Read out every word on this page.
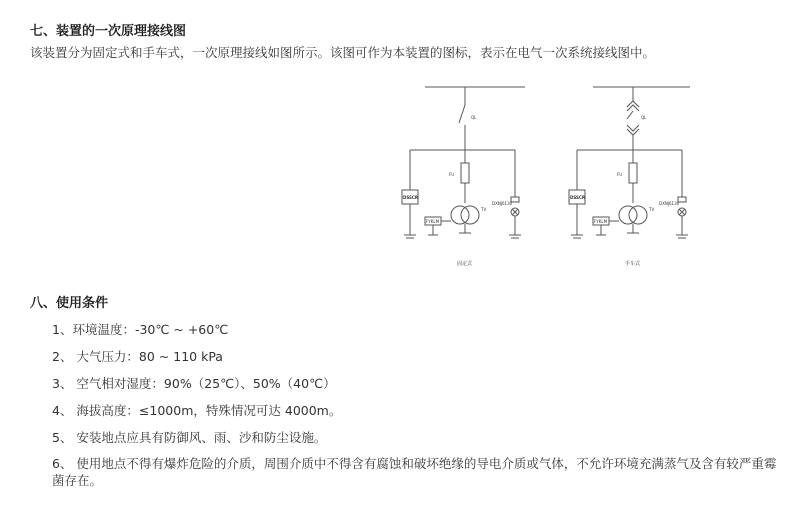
七、装置的一次原理接线图
该装置分为固定式和手车式，一次原理接线如图所示。该图可作为本装置的图标，表示在电气一次系统接线图中。
QL
FU
DSSCR
FYKLM
TV
DXNJ6130
固定式
QL
FU
DSSCR
FYKLM
TV
DXNJ6130
手车式
八、使用条件
1、环境温度：-30℃ ~ +60℃
2、 大气压力：80 ~ 110 kPa
3、 空气相对湿度：90%（25℃）、50%（40℃）
4、 海拔高度：≤1000m，特殊情况可达 4000m。
5、 安装地点应具有防御风、雨、沙和防尘设施。
6、 使用地点不得有爆炸危险的介质，周围介质中不得含有腐蚀和破坏绝缘的导电介质或气体，不允许环境充满蒸气及含有较严重霉菌存在。
